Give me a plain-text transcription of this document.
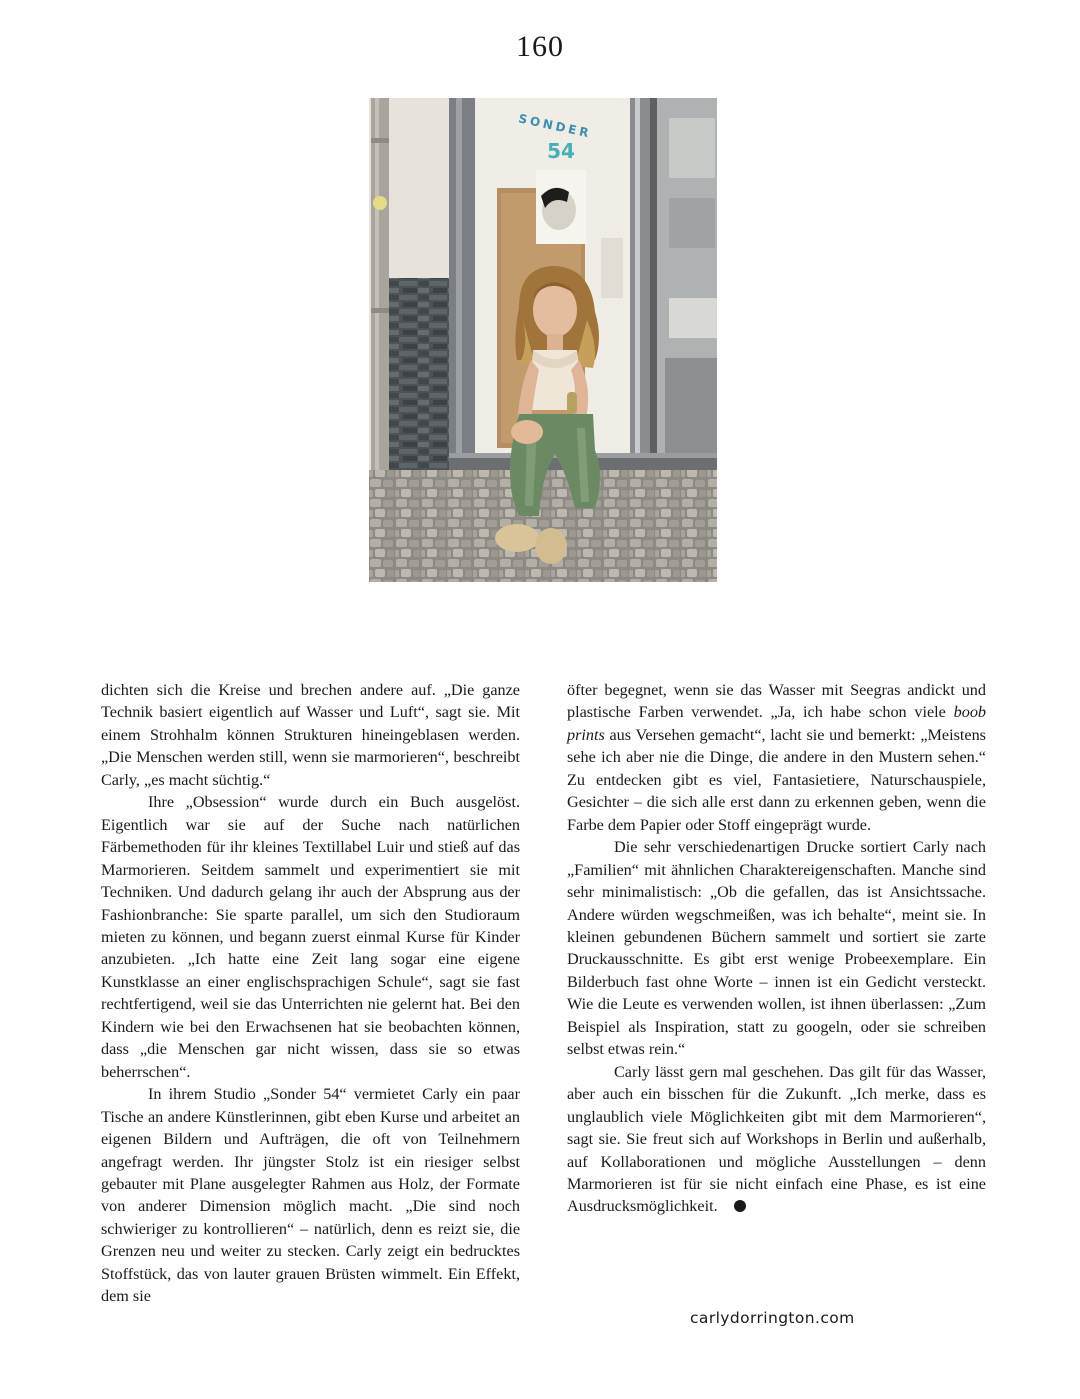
160
SONDER
54

dichten sich die Kreise und brechen andere auf. „Die ganze Technik basiert eigentlich auf Wasser und Luft“, sagt sie. Mit einem Strohhalm können Strukturen hineingeblasen werden. „Die Menschen werden still, wenn sie marmorieren“, beschreibt Carly, „es macht süchtig.“

Ihre „Obsession“ wurde durch ein Buch ausgelöst. Eigentlich war sie auf der Suche nach natürlichen Färbemethoden für ihr kleines Textillabel Luir und stieß auf das Marmorieren. Seitdem sammelt und experimentiert sie mit Techniken. Und dadurch gelang ihr auch der Absprung aus der Fashionbranche: Sie sparte parallel, um sich den Studioraum mieten zu können, und begann zuerst einmal Kurse für Kinder anzubieten. „Ich hatte eine Zeit lang sogar eine eigene Kunstklasse an einer englischsprachigen Schule“, sagt sie fast rechtfertigend, weil sie das Unterrichten nie gelernt hat. Bei den Kindern wie bei den Erwachsenen hat sie beobachten können, dass „die Menschen gar nicht wissen, dass sie so etwas beherrschen“.

In ihrem Studio „Sonder 54“ vermietet Carly ein paar Tische an andere Künstlerinnen, gibt eben Kurse und arbeitet an eigenen Bildern und Aufträgen, die oft von Teilnehmern angefragt werden. Ihr jüngster Stolz ist ein riesiger selbst gebauter mit Plane ausgelegter Rahmen aus Holz, der Formate von anderer Dimension möglich macht. „Die sind noch schwieriger zu kontrollieren“ – natürlich, denn es reizt sie, die Grenzen neu und weiter zu stecken. Carly zeigt ein bedrucktes Stoffstück, das von lauter grauen Brüsten wimmelt. Ein Effekt, dem sie

öfter begegnet, wenn sie das Wasser mit Seegras andickt und plastische Farben verwendet. „Ja, ich habe schon viele boob prints aus Versehen gemacht“, lacht sie und bemerkt: „Meistens sehe ich aber nie die Dinge, die andere in den Mustern sehen.“ Zu entdecken gibt es viel, Fantasietiere, Naturschauspiele, Gesichter – die sich alle erst dann zu erkennen geben, wenn die Farbe dem Papier oder Stoff eingeprägt wurde.

Die sehr verschiedenartigen Drucke sortiert Carly nach „Familien“ mit ähnlichen Charaktereigenschaften. Manche sind sehr minimalistisch: „Ob die gefallen, das ist Ansichtssache. Andere würden wegschmeißen, was ich behalte“, meint sie. In kleinen gebundenen Büchern sammelt und sortiert sie zarte Druckausschnitte. Es gibt erst wenige Probeexemplare. Ein Bilderbuch fast ohne Worte – innen ist ein Gedicht versteckt. Wie die Leute es verwenden wollen, ist ihnen überlassen: „Zum Beispiel als Inspiration, statt zu googeln, oder sie schreiben selbst etwas rein.“

Carly lässt gern mal geschehen. Das gilt für das Wasser, aber auch ein bisschen für die Zukunft. „Ich merke, dass es unglaublich viele Möglichkeiten gibt mit dem Marmorieren“, sagt sie. Sie freut sich auf Workshops in Berlin und außerhalb, auf Kollaborationen und mögliche Ausstellungen – denn Marmorieren ist für sie nicht einfach eine Phase, es ist eine Ausdrucksmöglichkeit.

carlydorrington.com
